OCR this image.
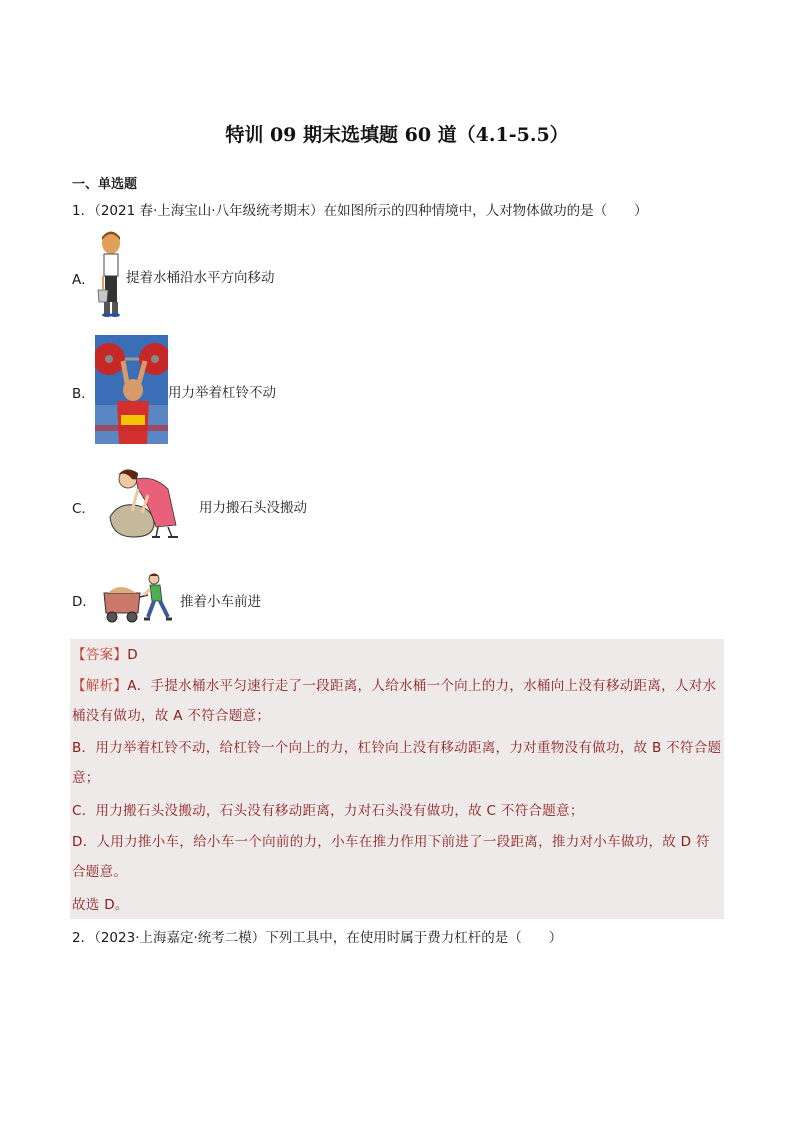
特训 09 期末选填题 60 道（4.1-5.5）
一、单选题
1．（2021 春·上海宝山·八年级统考期末）在如图所示的四种情境中，人对物体做功的是（　　）
A． 提着水桶沿水平方向移动
B．	用力举着杠铃不动
C．	用力搬石头没搬动
D．	推着小车前进
【答案】D
【解析】A．手提水桶水平匀速行走了一段距离，人给水桶一个向上的力，水桶向上没有移动距离，人对水
桶没有做功，故 A 不符合题意；
B．用力举着杠铃不动，给杠铃一个向上的力，杠铃向上没有移动距离，力对重物没有做功，故 B 不符合题
意；
C．用力搬石头没搬动，石头没有移动距离，力对石头没有做功，故 C 不符合题意；
D．人用力推小车，给小车一个向前的力，小车在推力作用下前进了一段距离，推力对小车做功，故 D 符
合题意。
故选 D。
2．（2023·上海嘉定·统考二模）下列工具中，在使用时属于费力杠杆的是（　　）
